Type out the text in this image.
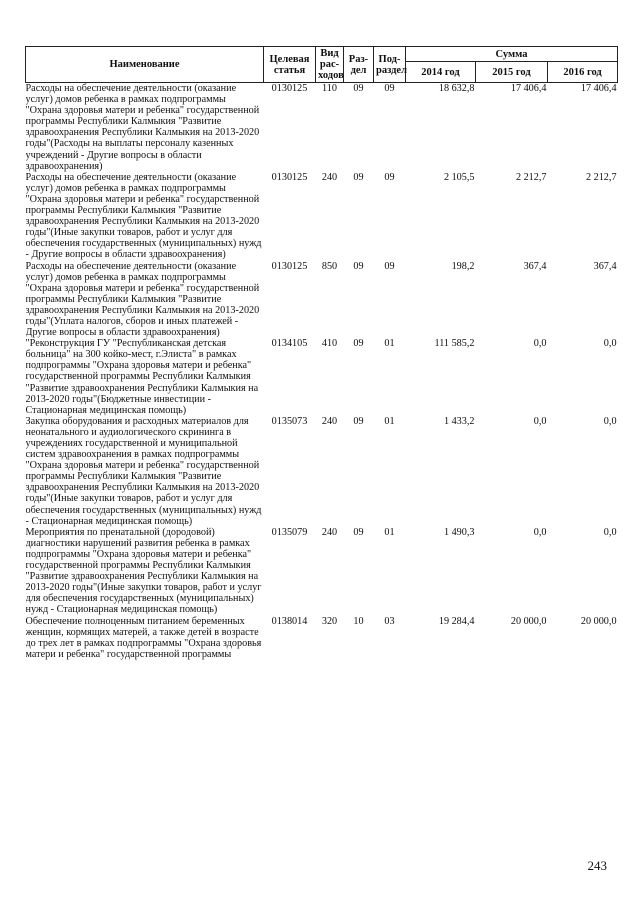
Наименование	Целевая статья	Вид рас- ходов	Раз- дел	Под- раздел	Сумма		
					2014 год	2015 год	2016 год
Расходы на обеспечение деятельности (оказание услуг) домов ребенка в рамках подпрограммы "Охрана здоровья матери и ребенка" государственной программы Республики Калмыкия "Развитие здравоохранения Республики Калмыкия на 2013-2020 годы"(Расходы на выплаты персоналу казенных учреждений - Другие вопросы в области здравоохранения)	0130125	110	09	09	18 632,8	17 406,4	17 406,4
Расходы на обеспечение деятельности (оказание услуг) домов ребенка в рамках подпрограммы "Охрана здоровья матери и ребенка" государственной программы Республики Калмыкия "Развитие здравоохранения Республики Калмыкия на 2013-2020 годы"(Иные закупки товаров, работ и услуг для обеспечения государственных (муниципальных) нужд - Другие вопросы в области здравоохранения)	0130125	240	09	09	2 105,5	2 212,7	2 212,7
Расходы на обеспечение деятельности (оказание услуг) домов ребенка в рамках подпрограммы "Охрана здоровья матери и ребенка" государственной программы Республики Калмыкия "Развитие здравоохранения Республики Калмыкия на 2013-2020 годы"(Уплата налогов, сборов и иных платежей - Другие вопросы в области здравоохранения)	0130125	850	09	09	198,2	367,4	367,4
"Реконструкция ГУ "Республиканская детская больница" на 300 койко-мест, г.Элиста" в рамках подпрограммы "Охрана здоровья матери и ребенка" государственной программы Республики Калмыкия "Развитие здравоохранения Республики Калмыкия на 2013-2020 годы"(Бюджетные инвестиции - Стационарная медицинская помощь)	0134105	410	09	01	111 585,2	0,0	0,0
Закупка оборудования и расходных материалов для неонатального и аудиологического скрининга в учреждениях государственной и муниципальной систем здравоохранения в рамках подпрограммы "Охрана здоровья матери и ребенка" государственной программы Республики Калмыкия "Развитие здравоохранения Республики Калмыкия на 2013-2020 годы"(Иные закупки товаров, работ и услуг для обеспечения государственных (муниципальных) нужд - Стационарная медицинская помощь)	0135073	240	09	01	1 433,2	0,0	0,0
Мероприятия по пренатальной (дородовой) диагностики нарушений развития ребенка в рамках подпрограммы "Охрана здоровья матери и ребенка" государственной программы Республики Калмыкия "Развитие здравоохранения Республики Калмыкия на 2013-2020 годы"(Иные закупки товаров, работ и услуг для обеспечения государственных (муниципальных) нужд - Стационарная медицинская помощь)	0135079	240	09	01	1 490,3	0,0	0,0
Обеспечение полноценным питанием беременных женщин, кормящих матерей, а также детей в возрасте до трех лет в рамках подпрограммы "Охрана здоровья матери и ребенка" государственной программы	0138014	320	10	03	19 284,4	20 000,0	20 000,0
243
